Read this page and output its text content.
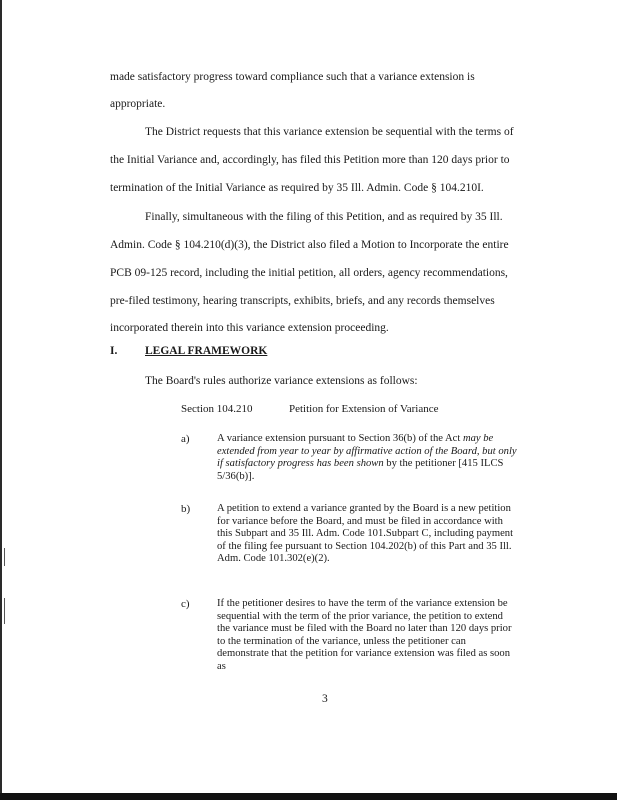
made satisfactory progress toward compliance such that a variance extension is
appropriate.
The District requests that this variance extension be sequential with the terms of
the Initial Variance and, accordingly, has filed this Petition more than 120 days prior to
termination of the Initial Variance as required by 35 Ill. Admin. Code § 104.210I.
Finally, simultaneous with the filing of this Petition, and as required by 35 Ill.
Admin. Code § 104.210(d)(3), the District also filed a Motion to Incorporate the entire
PCB 09-125 record, including the initial petition, all orders, agency recommendations,
pre-filed testimony, hearing transcripts, exhibits, briefs, and any records themselves
incorporated therein into this variance extension proceeding.
I. LEGAL FRAMEWORK
The Board's rules authorize variance extensions as follows:
Section 104.210	Petition for Extension of Variance
a)	A variance extension pursuant to Section 36(b) of the Act may be extended from year to year by affirmative action of the Board, but only if satisfactory progress has been shown by the petitioner [415 ILCS 5/36(b)].
b)	A petition to extend a variance granted by the Board is a new petition for variance before the Board, and must be filed in accordance with this Subpart and 35 Ill. Adm. Code 101.Subpart C, including payment of the filing fee pursuant to Section 104.202(b) of this Part and 35 Ill. Adm. Code 101.302(e)(2).
c)	If the petitioner desires to have the term of the variance extension be sequential with the term of the prior variance, the petition to extend the variance must be filed with the Board no later than 120 days prior to the termination of the variance, unless the petitioner can demonstrate that the petition for variance extension was filed as soon as
3
